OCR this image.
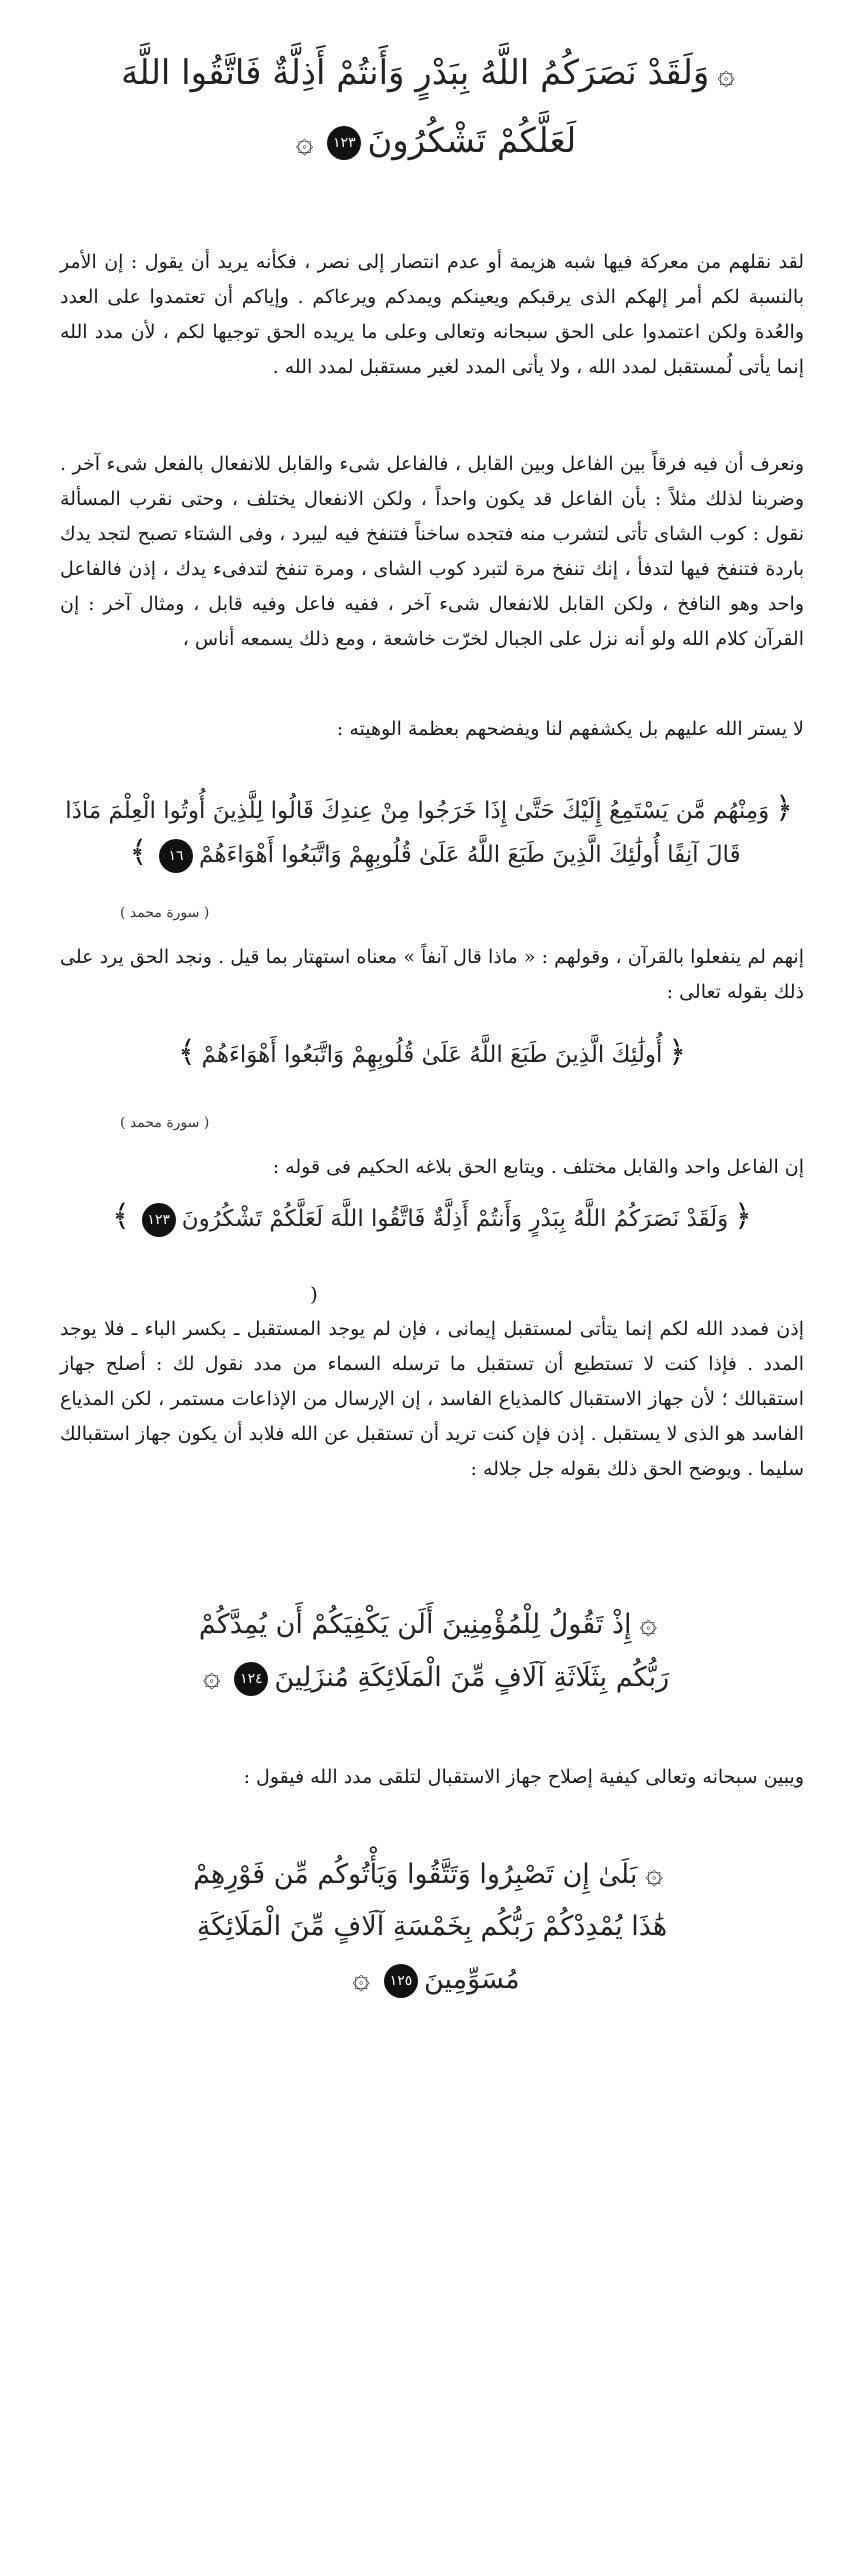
۞وَلَقَدْ نَصَرَكُمُ اللَّهُ بِبَدْرٍ وَأَنتُمْ أَذِلَّةٌ فَاتَّقُوا اللَّهَ
لَعَلَّكُمْ تَشْكُرُونَ١٢٣۞

لقد نقلهم من معركة فيها شبه هزيمة أو عدم انتصار إلى نصر ، فكأنه يريد أن يقول : إن الأمر بالنسبة لكم أمر إلهكم الذى يرقبكم ويعينكم ويمدكم ويرعاكم . وإياكم أن تعتمدوا على العدد والعُدة ولكن اعتمدوا على الحق سبحانه وتعالى وعلى ما يريده الحق توجيها لكم ، لأن مدد الله إنما يأتى لُمستقبل لمدد الله ، ولا يأتى المدد لغير مستقبل لمدد الله .

ونعرف أن فيه فرقاً بين الفاعل وبين القابل ، فالفاعل شىء والقابل للانفعال بالفعل شىء آخر . وضربنا لذلك مثلاً : بأن الفاعل قد يكون واحداً ، ولكن الانفعال يختلف ، وحتى نقرب المسألة نقول : كوب الشاى تأتى لتشرب منه فتجده ساخناً فتنفخ فيه ليبرد ، وفى الشتاء تصبح لتجد يدك باردة فتنفخ فيها لتدفأ ، إنك تنفخ مرة لتبرد كوب الشاى ، ومرة تنفخ لتدفىء يدك ، إذن فالفاعل واحد وهو النافخ ، ولكن القابل للانفعال شىء آخر ، ففيه فاعل وفيه قابل ، ومثال آخر : إن القرآن كلام الله ولو أنه نزل على الجبال لخرّت خاشعة ، ومع ذلك يسمعه أناس ،

لا يستر الله عليهم بل يكشفهم لنا ويفضحهم بعظمة الوهيته :

﴿وَمِنْهُم مَّن يَسْتَمِعُ إِلَيْكَ حَتَّىٰ إِذَا خَرَجُوا مِنْ عِندِكَ قَالُوا لِلَّذِينَ أُوتُوا الْعِلْمَ مَاذَا
قَالَ آنِفًا أُولَٰئِكَ الَّذِينَ طَبَعَ اللَّهُ عَلَىٰ قُلُوبِهِمْ وَاتَّبَعُوا أَهْوَاءَهُمْ١٦﴾
( سورة محمد )

إنهم لم ينفعلوا بالقرآن ، وقولهم : « ماذا قال آنفاً » معناه استهتار بما قيل . ونجد الحق يرد على ذلك بقوله تعالى :

﴿أُولَٰئِكَ الَّذِينَ طَبَعَ اللَّهُ عَلَىٰ قُلُوبِهِمْ وَاتَّبَعُوا أَهْوَاءَهُمْ﴾
( سورة محمد )

إن الفاعل واحد والقابل مختلف . ويتابع الحق بلاغه الحكيم فى قوله :

﴿وَلَقَدْ نَصَرَكُمُ اللَّهُ بِبَدْرٍ وَأَنتُمْ أَذِلَّةٌ فَاتَّقُوا اللَّهَ لَعَلَّكُمْ تَشْكُرُونَ١٢٣﴾
(

إذن فمدد الله لكم إنما يتأتى لمستقبل إيمانى ، فإن لم يوجد المستقبل ـ بكسر الباء ـ فلا يوجد المدد . فإذا كنت لا تستطيع أن تستقبل ما ترسله السماء من مدد نقول لك : أصلح جهاز استقبالك ؛ لأن جهاز الاستقبال كالمذياع الفاسد ، إن الإرسال من الإذاعات مستمر ، لكن المذياع الفاسد هو الذى لا يستقبل . إذن فإن كنت تريد أن تستقبل عن الله فلابد أن يكون جهاز استقبالك سليما . ويوضح الحق ذلك بقوله جل جلاله :

۞إِذْ تَقُولُ لِلْمُؤْمِنِينَ أَلَن يَكْفِيَكُمْ أَن يُمِدَّكُمْ
رَبُّكُم بِثَلَاثَةِ آلَافٍ مِّنَ الْمَلَائِكَةِ مُنزَلِينَ١٢٤۞

ويبين سبحانه وتعالى كيفية إصلاح جهاز الاستقبال لتلقى مدد الله فيقول :

۞بَلَىٰ إِن تَصْبِرُوا وَتَتَّقُوا وَيَأْتُوكُم مِّن فَوْرِهِمْ
هَٰذَا يُمْدِدْكُمْ رَبُّكُم بِخَمْسَةِ آلَافٍ مِّنَ الْمَلَائِكَةِ
مُسَوِّمِينَ١٢٥۞
